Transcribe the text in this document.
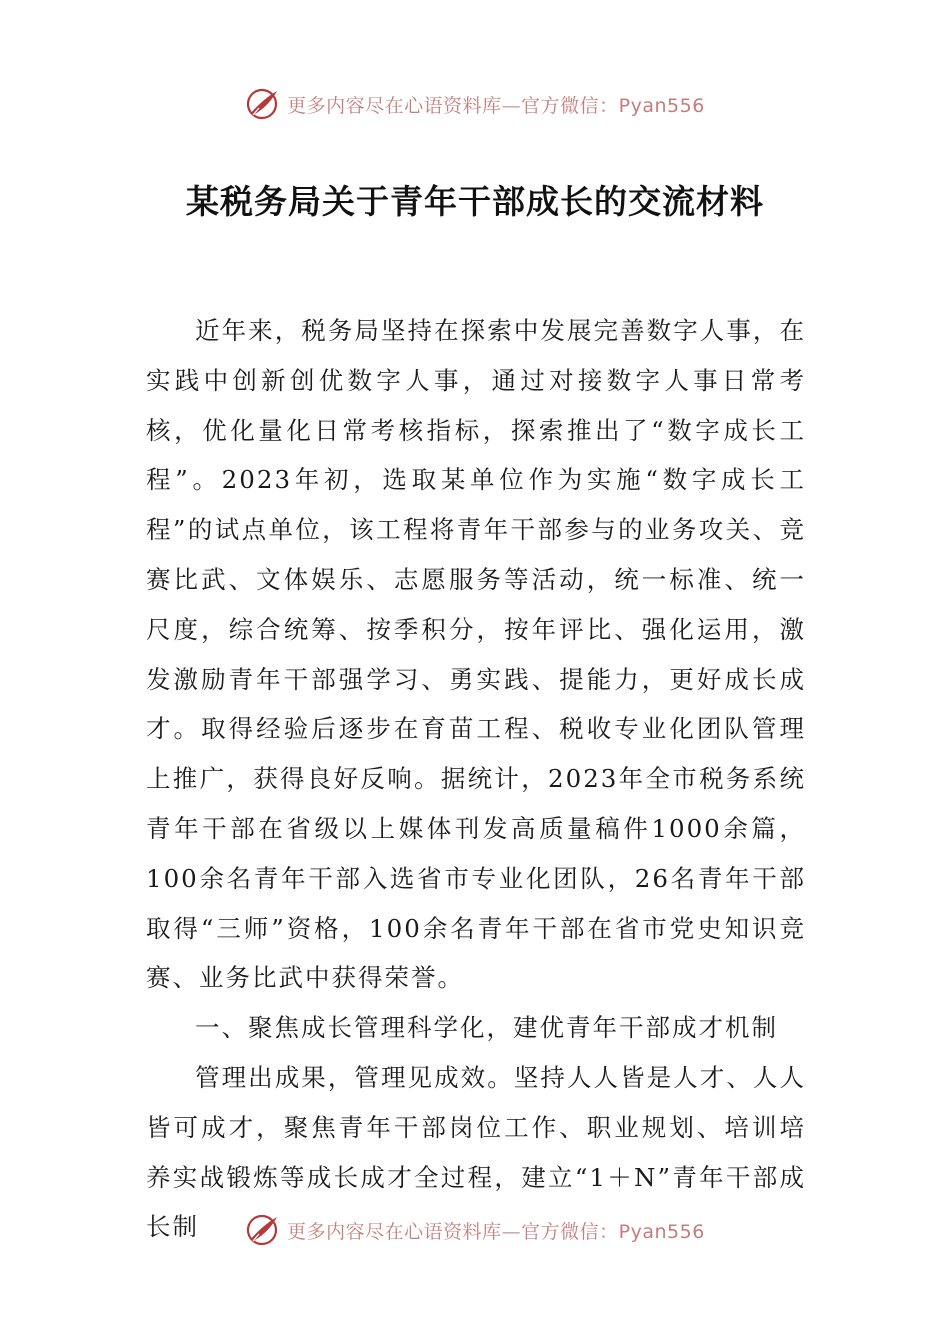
更多内容尽在心语资料库—官方微信：Pyan556
某税务局关于青年干部成长的交流材料

近年来，税务局坚持在探索中发展完善数字人事，在实践中创新创优数字人事，通过对接数字人事日常考核，优化量化日常考核指标，探索推出了“数字成长工程”。2023年初，选取某单位作为实施“数字成长工程”的试点单位，该工程将青年干部参与的业务攻关、竞赛比武、文体娱乐、志愿服务等活动，统一标准、统一尺度，综合统筹、按季积分，按年评比、强化运用，激发激励青年干部强学习、勇实践、提能力，更好成长成才。取得经验后逐步在育苗工程、税收专业化团队管理上推广，获得良好反响。据统计，2023年全市税务系统青年干部在省级以上媒体刊发高质量稿件1000余篇，100余名青年干部入选省市专业化团队，26名青年干部取得“三师”资格，100余名青年干部在省市党史知识竞赛、业务比武中获得荣誉。

一、聚焦成长管理科学化，建优青年干部成才机制

管理出成果，管理见成效。坚持人人皆是人才、人人皆可成才，聚焦青年干部岗位工作、职业规划、培训培养实战锻炼等成长成才全过程，建立“1＋N”青年干部成长制	更多内容尽在心语资料库—官方微信：Pyan556
